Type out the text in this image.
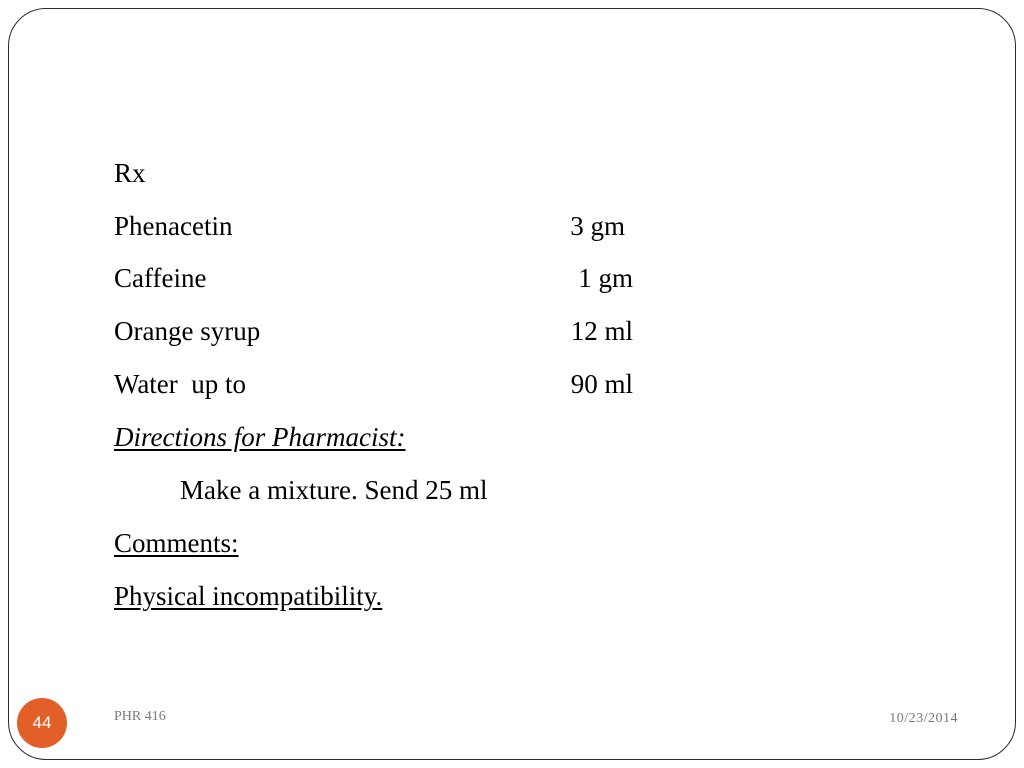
Rx
Phenacetin	3 gm
Caffeine	1 gm
Orange syrup	12 ml
Water  up to	90 ml
Directions for Pharmacist:
Make a mixture. Send 25 ml
Comments:
Physical incompatibility.
44	PHR 416	10/23/2014
